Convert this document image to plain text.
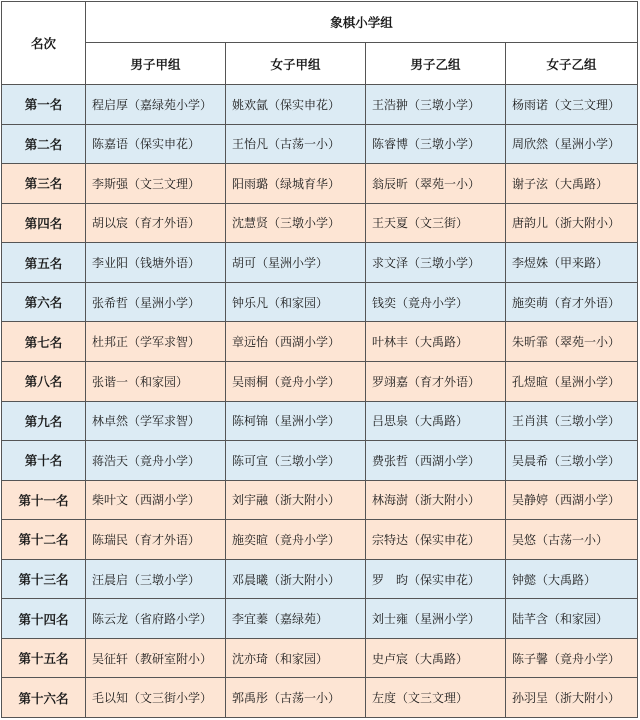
名次	象棋小学组			
	男子甲组	女子甲组	男子乙组	女子乙组
第一名	程启厚（嘉绿苑小学）	姚欢氤（保实申花）	王浩翀（三墩小学）	杨雨诺（文三文理）
第二名	陈嘉语（保实申花）	王怡凡（古荡一小）	陈睿博（三墩小学）	周欣然（星洲小学）
第三名	李斯强（文三文理）	阳雨璐（绿城育华）	翁辰昕（翠苑一小）	谢子泫（大禹路）
第四名	胡以宸（育才外语）	沈慧贤（三墩小学）	王天夏（文三街）	唐韵儿（浙大附小）
第五名	李业阳（钱塘外语）	胡可（星洲小学）	求文泽（三墩小学）	李煜姝（甲来路）
第六名	张希哲（星洲小学）	钟乐凡（和家园）	钱奕（竟舟小学）	施奕萌（育才外语）
第七名	杜邦正（学军求智）	章远怡（西湖小学）	叶林丰（大禹路）	朱昕霏（翠苑一小）
第八名	张谐一（和家园）	吴雨桐（竟舟小学）	罗翊嘉（育才外语）	孔煜暄（星洲小学）
第九名	林卓然（学军求智）	陈柯锦（星洲小学）	吕思泉（大禹路）	王肖淇（三墩小学）
第十名	蒋浩天（竟舟小学）	陈可宣（三墩小学）	费张哲（西湖小学）	吴晨希（三墩小学）
第十一名	柴叶文（西湖小学）	刘宇融（浙大附小）	林海澍（浙大附小）	吴静婷（西湖小学）
第十二名	陈瑞民（育才外语）	施奕暄（竟舟小学）	宗特达（保实申花）	吴悠（古荡一小）
第十三名	汪晨启（三墩小学）	邓晨曦（浙大附小）	罗　昀（保实申花）	钟懿（大禹路）
第十四名	陈云龙（省府路小学）	李宜蓁（嘉绿苑）	刘士雍（星洲小学）	陆芊含（和家园）
第十五名	吴征轩（教研室附小）	沈亦琦（和家园）	史卢宸（大禹路）	陈子馨（竟舟小学）
第十六名	毛以知（文三街小学）	郭禹彤（古荡一小）	左度（文三文理）	孙羽呈（浙大附小）
